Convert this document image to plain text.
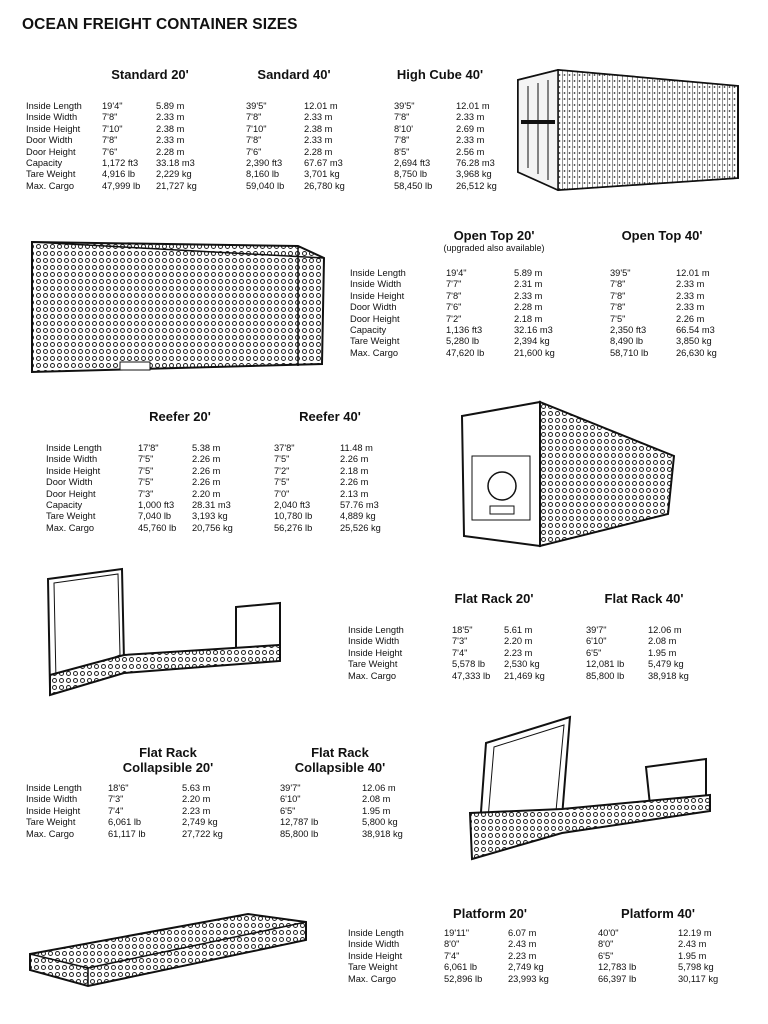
OCEAN FREIGHT CONTAINER SIZES
Standard 20'	Sandard 40'	High Cube 40'
Inside Length 19'4"	5.89 m	39'5"	12.01 m	39'5"	12.01 m
Inside Width	7'8"	2.33 m	7'8"	2.33 m	7'8"	2.33 m
Inside Height 7'10"	2.38 m	7'10"	2.38 m	8'10'	2.69 m
Door Width	7'8"	2.33 m	7'8"	2.33 m	7'8"	2.33 m
Door Height	7'6"	2.28 m	7'6"	2.28 m	8'5"	2.56 m
Capacity	1,172 ft3 33.18 m3	2,390 ft3 67.67 m3	2,694 ft3	76.28 m3
Tare Weight	4,916 lb 2,229 kg	8,160 lb	3,701 kg	8,750 lb	3,968 kg
Max. Cargo	47,999 lb 21,727 kg	59,040 lb 26,780 kg	58,450 lb	26,512 kg
Open Top 20'
(upgraded also available)
Open Top 40'
Inside Length	19'4"	5.89 m	39'5"	12.01 m
Inside Width	7'7"	2.31 m	7'8"	2.33 m
Inside Height	7'8"	2.33 m	7'8"	2.33 m
Door Width	7'6"	2.28 m	7'8"	2.33 m
Door Height	7'2"	2.18 m	7'5"	2.26 m
Capacity	1,136 ft3	32.16 m3	2,350 ft3	66.54 m3
Tare Weight	5,280 lb	2,394 kg	8,490 lb	3,850 kg
Max. Cargo	47,620 lb	21,600 kg	58,710 lb	26,630 kg
Reefer 20'	Reefer 40'
Inside Length	17'8"	5.38 m	37'8"	11.48 m
Inside Width	7'5"	2.26 m	7'5"	2.26 m
Inside Height	7'5"	2.26 m	7'2"	2.18 m
Door Width	7'5"	2.26 m	7'5"	2.26 m
Door Height	7'3"	2.20 m	7'0"	2.13 m
Capacity	1,000 ft3 28.31 m3	2,040 ft3	57.76 m3
Tare Weight	7,040 lb 3,193 kg	10,780 lb	4,889 kg
Max. Cargo	45,760 lb 20,756 kg	56,276 lb	25,526 kg
Flat Rack 20'	Flat Rack 40'
Inside Length	18'5"	5.61 m	39'7"	12.06 m
Inside Width	7'3"	2.20 m	6'10"	2.08 m
Inside Height	7'4"	2.23 m	6'5"	1.95 m
Tare Weight	5,578 lb 2,530 kg	12,081 lb	5,479 kg
Max. Cargo	47,333 lb 21,469 kg	85,800 lb	38,918 kg
Flat Rack
Collapsible 20'
Flat Rack
Collapsible 40'
Inside Length	18'6"	5.63 m	39'7"	12.06 m
Inside Width	7'3"	2.20 m	6'10"	2.08 m
Inside Height	7'4"	2.23 m	6'5"	1.95 m
Tare Weight	6,061 lb	2,749 kg	12,787 lb	5,800 kg
Max. Cargo	61,117 lb	27,722 kg	85,800 lb	38,918 kg
Platform 20'	Platform 40'
Inside Length	19'11"	6.07 m	40'0"	12.19 m
Inside Width	8'0"	2.43 m	8'0"	2.43 m
Inside Height	7'4"	2.23 m	6'5"	1.95 m
Tare Weight	6,061 lb	2,749 kg	12,783 lb	5,798 kg
Max. Cargo	52,896 lb	23,993 kg	66,397 lb	30,117 kg
